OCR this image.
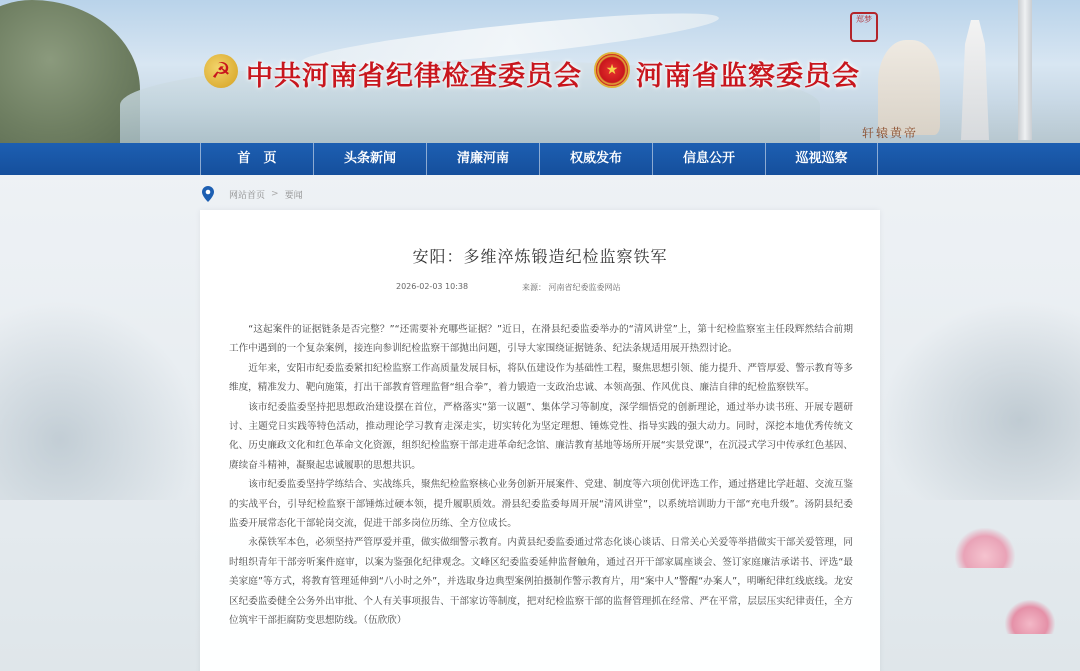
郑梦
轩辕黄帝
☭ 中共河南省纪律检查委员会	★ 河南省监察委员会
首　页	头条新闻	清廉河南	权威发布	信息公开	巡视巡察
网站首页 > 要闻
安阳：多维淬炼锻造纪检监察铁军
2026-02-03 10:38	来源： 河南省纪委监委网站

“这起案件的证据链条是否完整？”“还需要补充哪些证据？”近日，在滑县纪委监委举办的“清风讲堂”上，第十纪检监察室主任段辉然结合前期工作中遇到的一个复杂案例，接连向参训纪检监察干部抛出问题，引导大家围绕证据链条、纪法条规适用展开热烈讨论。

近年来，安阳市纪委监委紧扣纪检监察工作高质量发展目标，将队伍建设作为基础性工程，聚焦思想引领、能力提升、严管厚爱、警示教育等多维度，精准发力、靶向施策，打出干部教育管理监督“组合拳”，着力锻造一支政治忠诚、本领高强、作风优良、廉洁自律的纪检监察铁军。

该市纪委监委坚持把思想政治建设摆在首位，严格落实“第一议题”、集体学习等制度，深学细悟党的创新理论，通过举办读书班、开展专题研讨、主题党日实践等特色活动，推动理论学习教育走深走实，切实转化为坚定理想、锤炼党性、指导实践的强大动力。同时，深挖本地优秀传统文化、历史廉政文化和红色革命文化资源，组织纪检监察干部走进革命纪念馆、廉洁教育基地等场所开展“实景党课”，在沉浸式学习中传承红色基因、赓续奋斗精神，凝聚起忠诚履职的思想共识。

该市纪委监委坚持学练结合、实战练兵，聚焦纪检监察核心业务创新开展案件、党建、制度等六项创优评选工作，通过搭建比学赶超、交流互鉴的实战平台，引导纪检监察干部锤炼过硬本领，提升履职质效。滑县纪委监委每周开展“清风讲堂”，以系统培训助力干部“充电升级”。汤阴县纪委监委开展常态化干部轮岗交流，促进干部多岗位历练、全方位成长。

永葆铁军本色，必须坚持严管厚爱并重，做实做细警示教育。内黄县纪委监委通过常态化谈心谈话、日常关心关爱等举措做实干部关爱管理，同时组织青年干部旁听案件庭审，以案为鉴强化纪律观念。文峰区纪委监委延伸监督触角，通过召开干部家属座谈会、签订家庭廉洁承诺书、评选“最美家庭”等方式，将教育管理延伸到“八小时之外”，并选取身边典型案例拍摄制作警示教育片，用“案中人”警醒“办案人”，明晰纪律红线底线。龙安区纪委监委健全公务外出审批、个人有关事项报告、干部家访等制度，把对纪检监察干部的监督管理抓在经常、严在平常，层层压实纪律责任，全方位筑牢干部拒腐防变思想防线。（伍欣欣）
